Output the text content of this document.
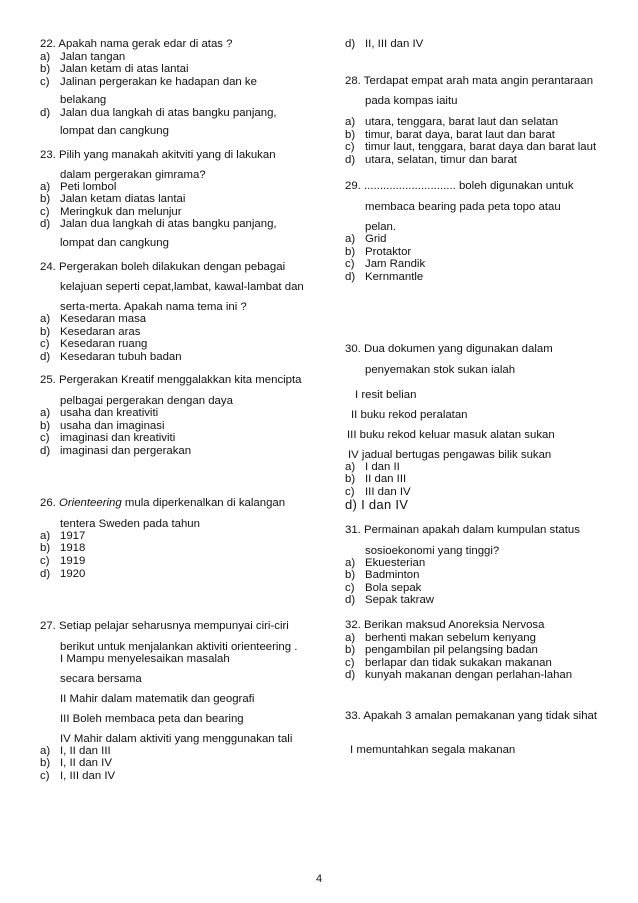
22. Apakah nama gerak edar di atas ?
a) Jalan tangan
b) Jalan ketam di atas lantai
c) Jalinan pergerakan ke hadapan dan ke
belakang
d) Jalan dua langkah di atas bangku panjang,
lompat dan cangkung
23. Pilih yang manakah akitviti yang di lakukan
dalam pergerakan gimrama?
a) Peti lombol
b) Jalan ketam diatas lantai
c) Meringkuk dan melunjur
d) Jalan dua langkah di atas bangku panjang,
lompat dan cangkung
24. Pergerakan boleh dilakukan dengan pebagai
kelajuan seperti cepat,lambat, kawal-lambat dan
serta-merta. Apakah nama tema ini ?
a) Kesedaran masa
b) Kesedaran aras
c) Kesedaran ruang
d) Kesedaran tubuh badan
25. Pergerakan Kreatif menggalakkan kita mencipta
pelbagai pergerakan dengan daya
a) usaha dan kreativiti
b) usaha dan imaginasi
c) imaginasi dan kreativiti
d) imaginasi dan pergerakan
26. Orienteering mula diperkenalkan di kalangan
tentera Sweden pada tahun
a) 1917
b) 1918
c) 1919
d) 1920
27. Setiap pelajar seharusnya mempunyai ciri-ciri
berikut untuk menjalankan aktiviti orienteering .
I Mampu menyelesaikan masalah
secara bersama
II Mahir dalam matematik dan geografi
III Boleh membaca peta dan bearing
IV Mahir dalam aktiviti yang menggunakan tali
a) I, II dan III
b) I, II dan IV
c) I, III dan IV
d) II, III dan IV
28. Terdapat empat arah mata angin perantaraan
pada kompas iaitu
a) utara, tenggara, barat laut dan selatan
b) timur, barat daya, barat laut dan barat
c) timur laut, tenggara, barat daya dan barat laut
d) utara, selatan, timur dan barat
29. ............................. boleh digunakan untuk
membaca bearing pada peta topo atau
pelan.
a) Grid
b) Protaktor
c) Jam Randik
d) Kernmantle
30. Dua dokumen yang digunakan dalam
penyemakan stok sukan ialah
I resit belian
II buku rekod peralatan
III buku rekod keluar masuk alatan sukan
IV jadual bertugas pengawas bilik sukan
a) I dan II
b) II dan III
c) III dan IV
d) I dan IV
31. Permainan apakah dalam kumpulan status
sosioekonomi yang tinggi?
a) Ekuesterian
b) Badminton
c) Bola sepak
d) Sepak takraw
32. Berikan maksud Anoreksia Nervosa
a) berhenti makan sebelum kenyang
b) pengambilan pil pelangsing badan
c) berlapar dan tidak sukakan makanan
d) kunyah makanan dengan perlahan-lahan
33. Apakah 3 amalan pemakanan yang tidak sihat
I memuntahkan segala makanan
4
